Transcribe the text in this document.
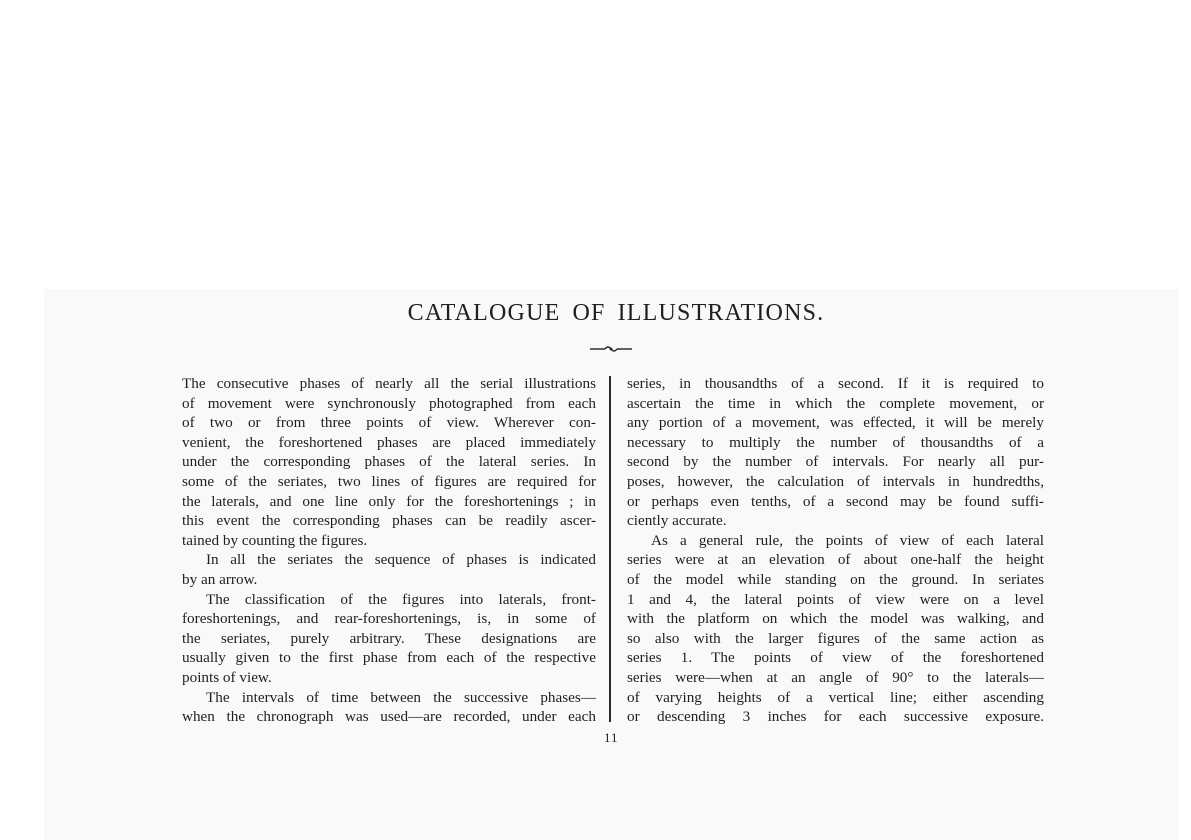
CATALOGUE OF ILLUSTRATIONS.
The consecutive phases of nearly all the serial illustrations
of movement were synchronously photographed from each
of two or from three points of view. Wherever con-
venient, the foreshortened phases are placed immediately
under the corresponding phases of the lateral series. In
some of the seriates, two lines of figures are required for
the laterals, and one line only for the foreshortenings ; in
this event the corresponding phases can be readily ascer-
tained by counting the figures.
In all the seriates the sequence of phases is indicated
by an arrow.
The classification of the figures into laterals, front-
foreshortenings, and rear-foreshortenings, is, in some of
the seriates, purely arbitrary. These designations are
usually given to the first phase from each of the respective
points of view.
The intervals of time between the successive phases—
when the chronograph was used—are recorded, under each
series, in thousandths of a second. If it is required to
ascertain the time in which the complete movement, or
any portion of a movement, was effected, it will be merely
necessary to multiply the number of thousandths of a
second by the number of intervals. For nearly all pur-
poses, however, the calculation of intervals in hundredths,
or perhaps even tenths, of a second may be found suffi-
ciently accurate.
As a general rule, the points of view of each lateral
series were at an elevation of about one-half the height
of the model while standing on the ground. In seriates
1 and 4, the lateral points of view were on a level
with the platform on which the model was walking, and
so also with the larger figures of the same action as
series 1. The points of view of the foreshortened
series were—when at an angle of 90° to the laterals—
of varying heights of a vertical line; either ascending
or descending 3 inches for each successive exposure.
11
